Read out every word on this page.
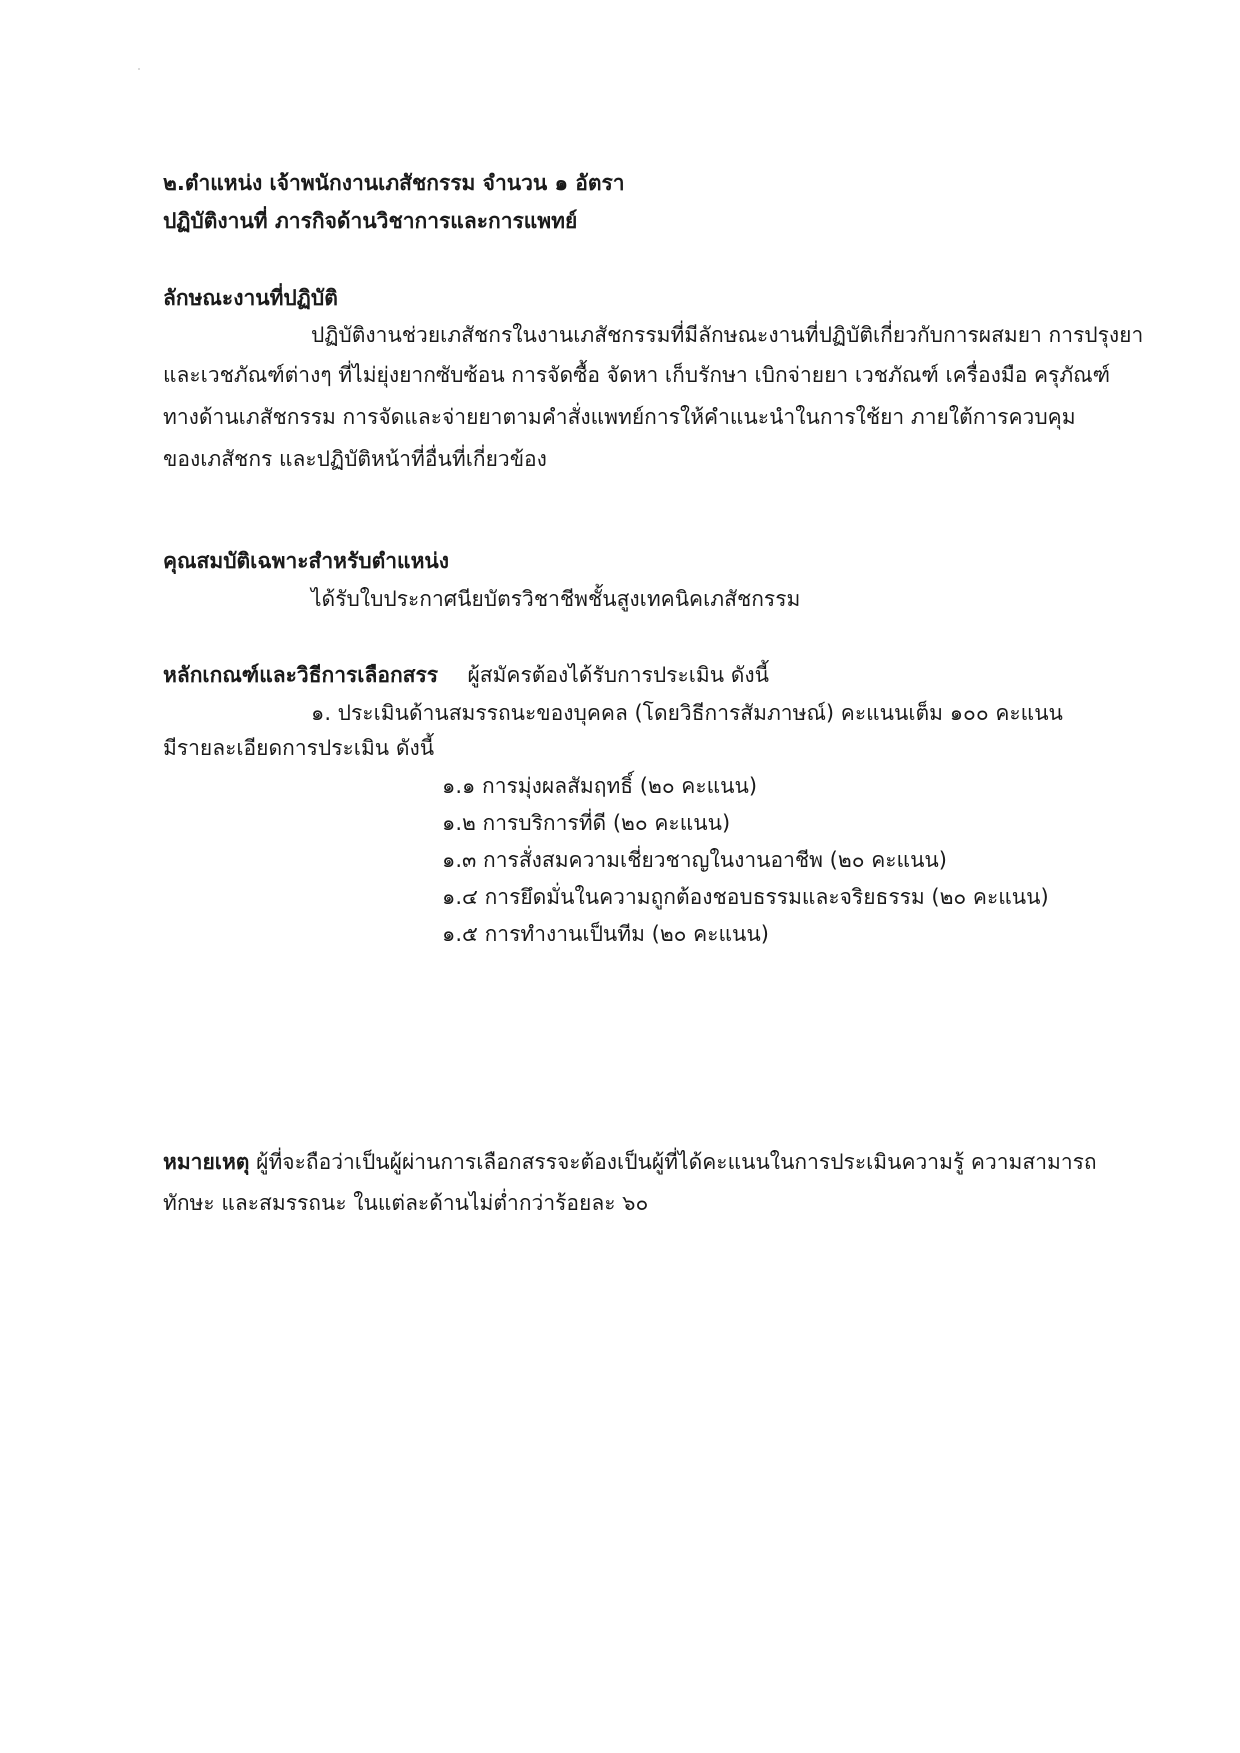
๒.ตำแหน่ง เจ้าพนักงานเภสัชกรรม จำนวน ๑ อัตรา
ปฏิบัติงานที่ ภารกิจด้านวิชาการและการแพทย์
ลักษณะงานที่ปฏิบัติ
ปฏิบัติงานช่วยเภสัชกรในงานเภสัชกรรมที่มีลักษณะงานที่ปฏิบัติเกี่ยวกับการผสมยา การปรุงยา
และเวชภัณฑ์ต่างๆ ที่ไม่ยุ่งยากซับซ้อน การจัดซื้อ จัดหา เก็บรักษา เบิกจ่ายยา เวชภัณฑ์ เครื่องมือ ครุภัณฑ์
ทางด้านเภสัชกรรม การจัดและจ่ายยาตามคำสั่งแพทย์การให้คำแนะนำในการใช้ยา ภายใต้การควบคุม
ของเภสัชกร และปฏิบัติหน้าที่อื่นที่เกี่ยวข้อง
คุณสมบัติเฉพาะสำหรับตำแหน่ง
ได้รับใบประกาศนียบัตรวิชาชีพชั้นสูงเทคนิคเภสัชกรรม
หลักเกณฑ์และวิธีการเลือกสรร ผู้สมัครต้องได้รับการประเมิน ดังนี้
๑. ประเมินด้านสมรรถนะของบุคคล (โดยวิธีการสัมภาษณ์) คะแนนเต็ม ๑๐๐ คะแนน
มีรายละเอียดการประเมิน ดังนี้
๑.๑ การมุ่งผลสัมฤทธิ์ (๒๐ คะแนน)
๑.๒ การบริการที่ดี (๒๐ คะแนน)
๑.๓ การสั่งสมความเชี่ยวชาญในงานอาชีพ (๒๐ คะแนน)
๑.๔ การยึดมั่นในความถูกต้องชอบธรรมและจริยธรรม (๒๐ คะแนน)
๑.๕ การทำงานเป็นทีม (๒๐ คะแนน)
หมายเหตุ ผู้ที่จะถือว่าเป็นผู้ผ่านการเลือกสรรจะต้องเป็นผู้ที่ได้คะแนนในการประเมินความรู้ ความสามารถ
ทักษะ และสมรรถนะ ในแต่ละด้านไม่ต่ำกว่าร้อยละ ๖๐
